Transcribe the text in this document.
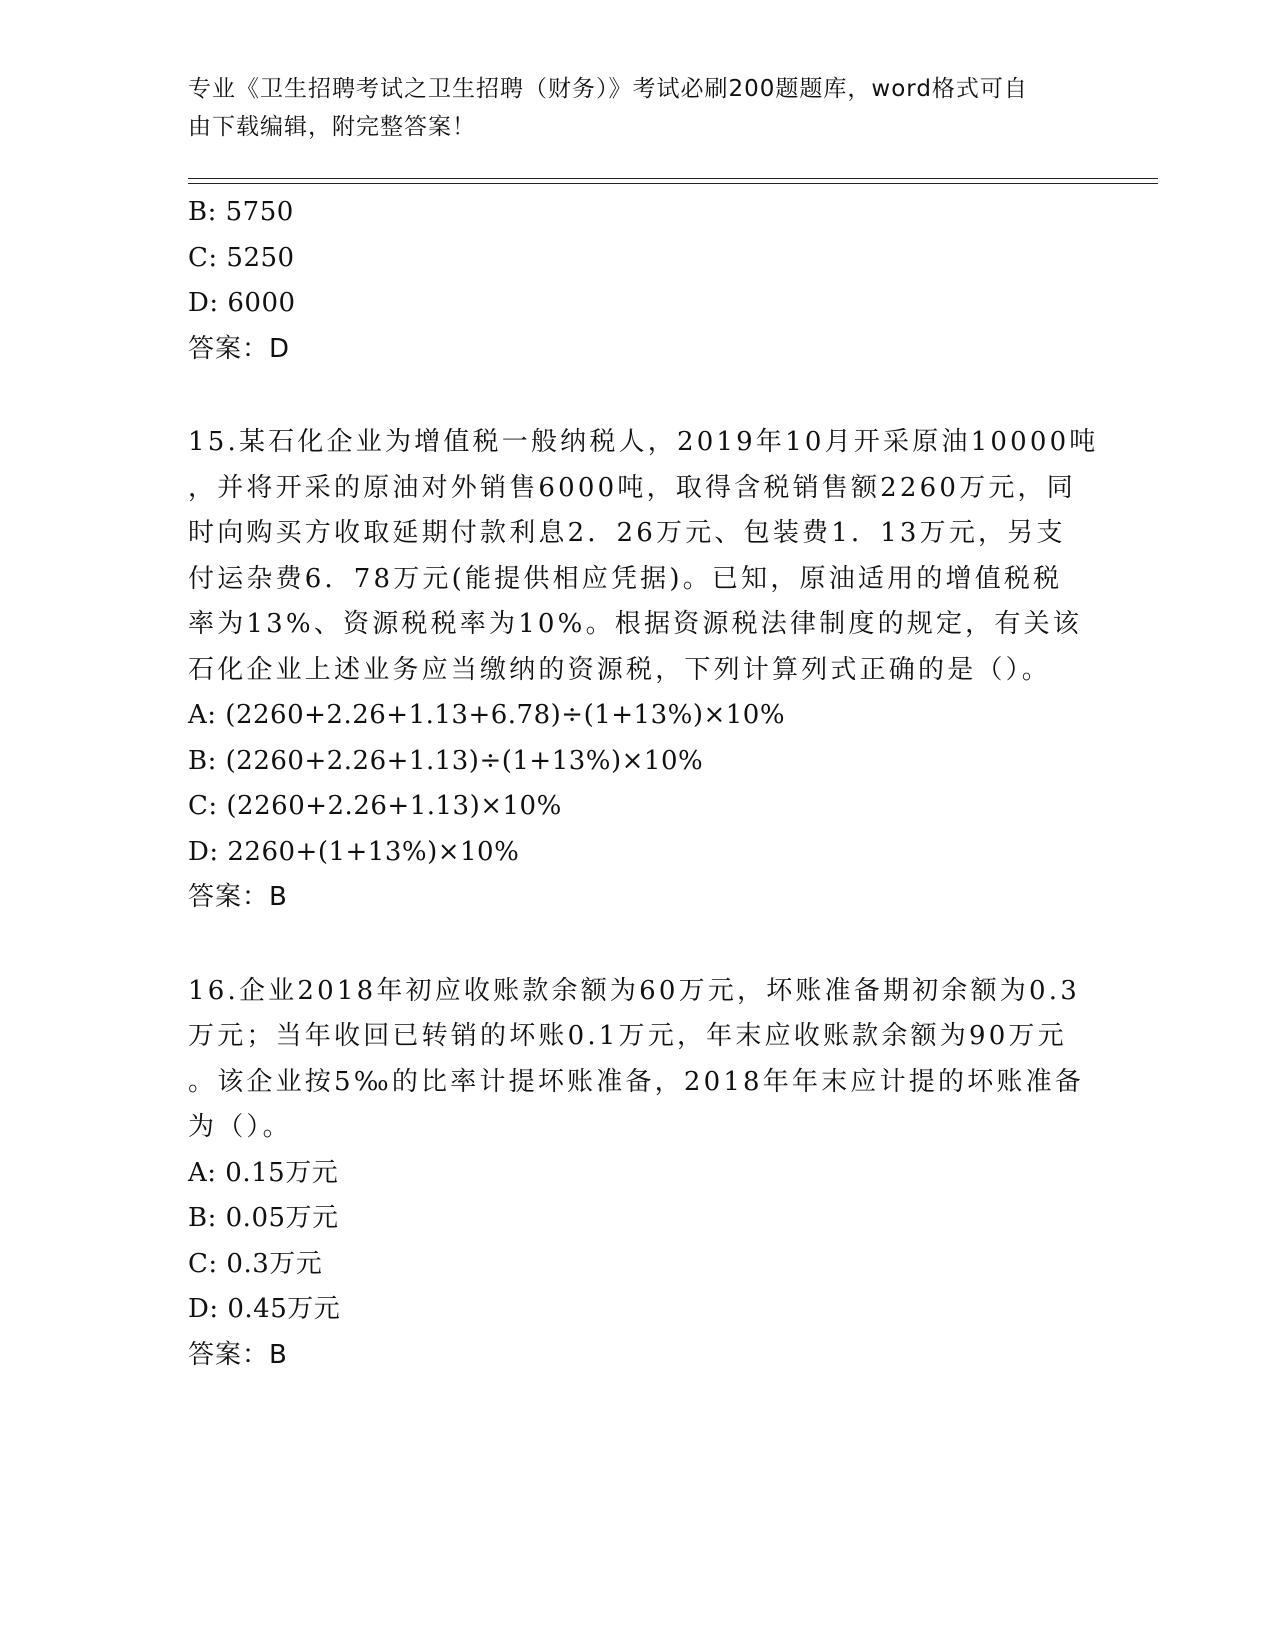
专业《卫生招聘考试之卫生招聘（财务）》考试必刷200题题库，word格式可自
由下载编辑，附完整答案！
B: 5750
C: 5250
D: 6000
答案：D
15.某石化企业为增值税一般纳税人，2019年10月开采原油10000吨
，并将开采的原油对外销售6000吨，取得含税销售额2260万元，同
时向购买方收取延期付款利息2．26万元、包装费1．13万元，另支
付运杂费6．78万元(能提供相应凭据)。已知，原油适用的增值税税
率为13%、资源税税率为10%。根据资源税法律制度的规定，有关该
石化企业上述业务应当缴纳的资源税，下列计算列式正确的是（）。
A: (2260+2.26+1.13+6.78)÷(1+13%)×10%
B: (2260+2.26+1.13)÷(1+13%)×10%
C: (2260+2.26+1.13)×10%
D: 2260+(1+13%)×10%
答案：B
16.企业2018年初应收账款余额为60万元，坏账准备期初余额为0.3
万元；当年收回已转销的坏账0.1万元，年末应收账款余额为90万元
。该企业按5‰的比率计提坏账准备，2018年年末应计提的坏账准备
为（）。
A: 0.15万元
B: 0.05万元
C: 0.3万元
D: 0.45万元
答案：B
